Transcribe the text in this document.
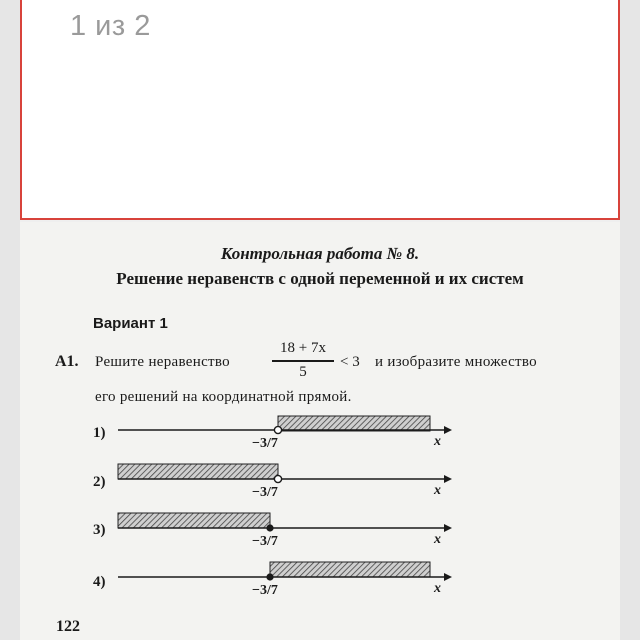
1 из 2
Контрольная работа № 8.
Решение неравенств с одной переменной и их систем
Вариант 1
А1. Решите неравенство
18 + 7x
5
< 3 и изобразите множество
его решений на координатной прямой.
1)
−3/7	x
2)
−3/7	x
3)
−3/7	x
4)
−3/7	x
122
